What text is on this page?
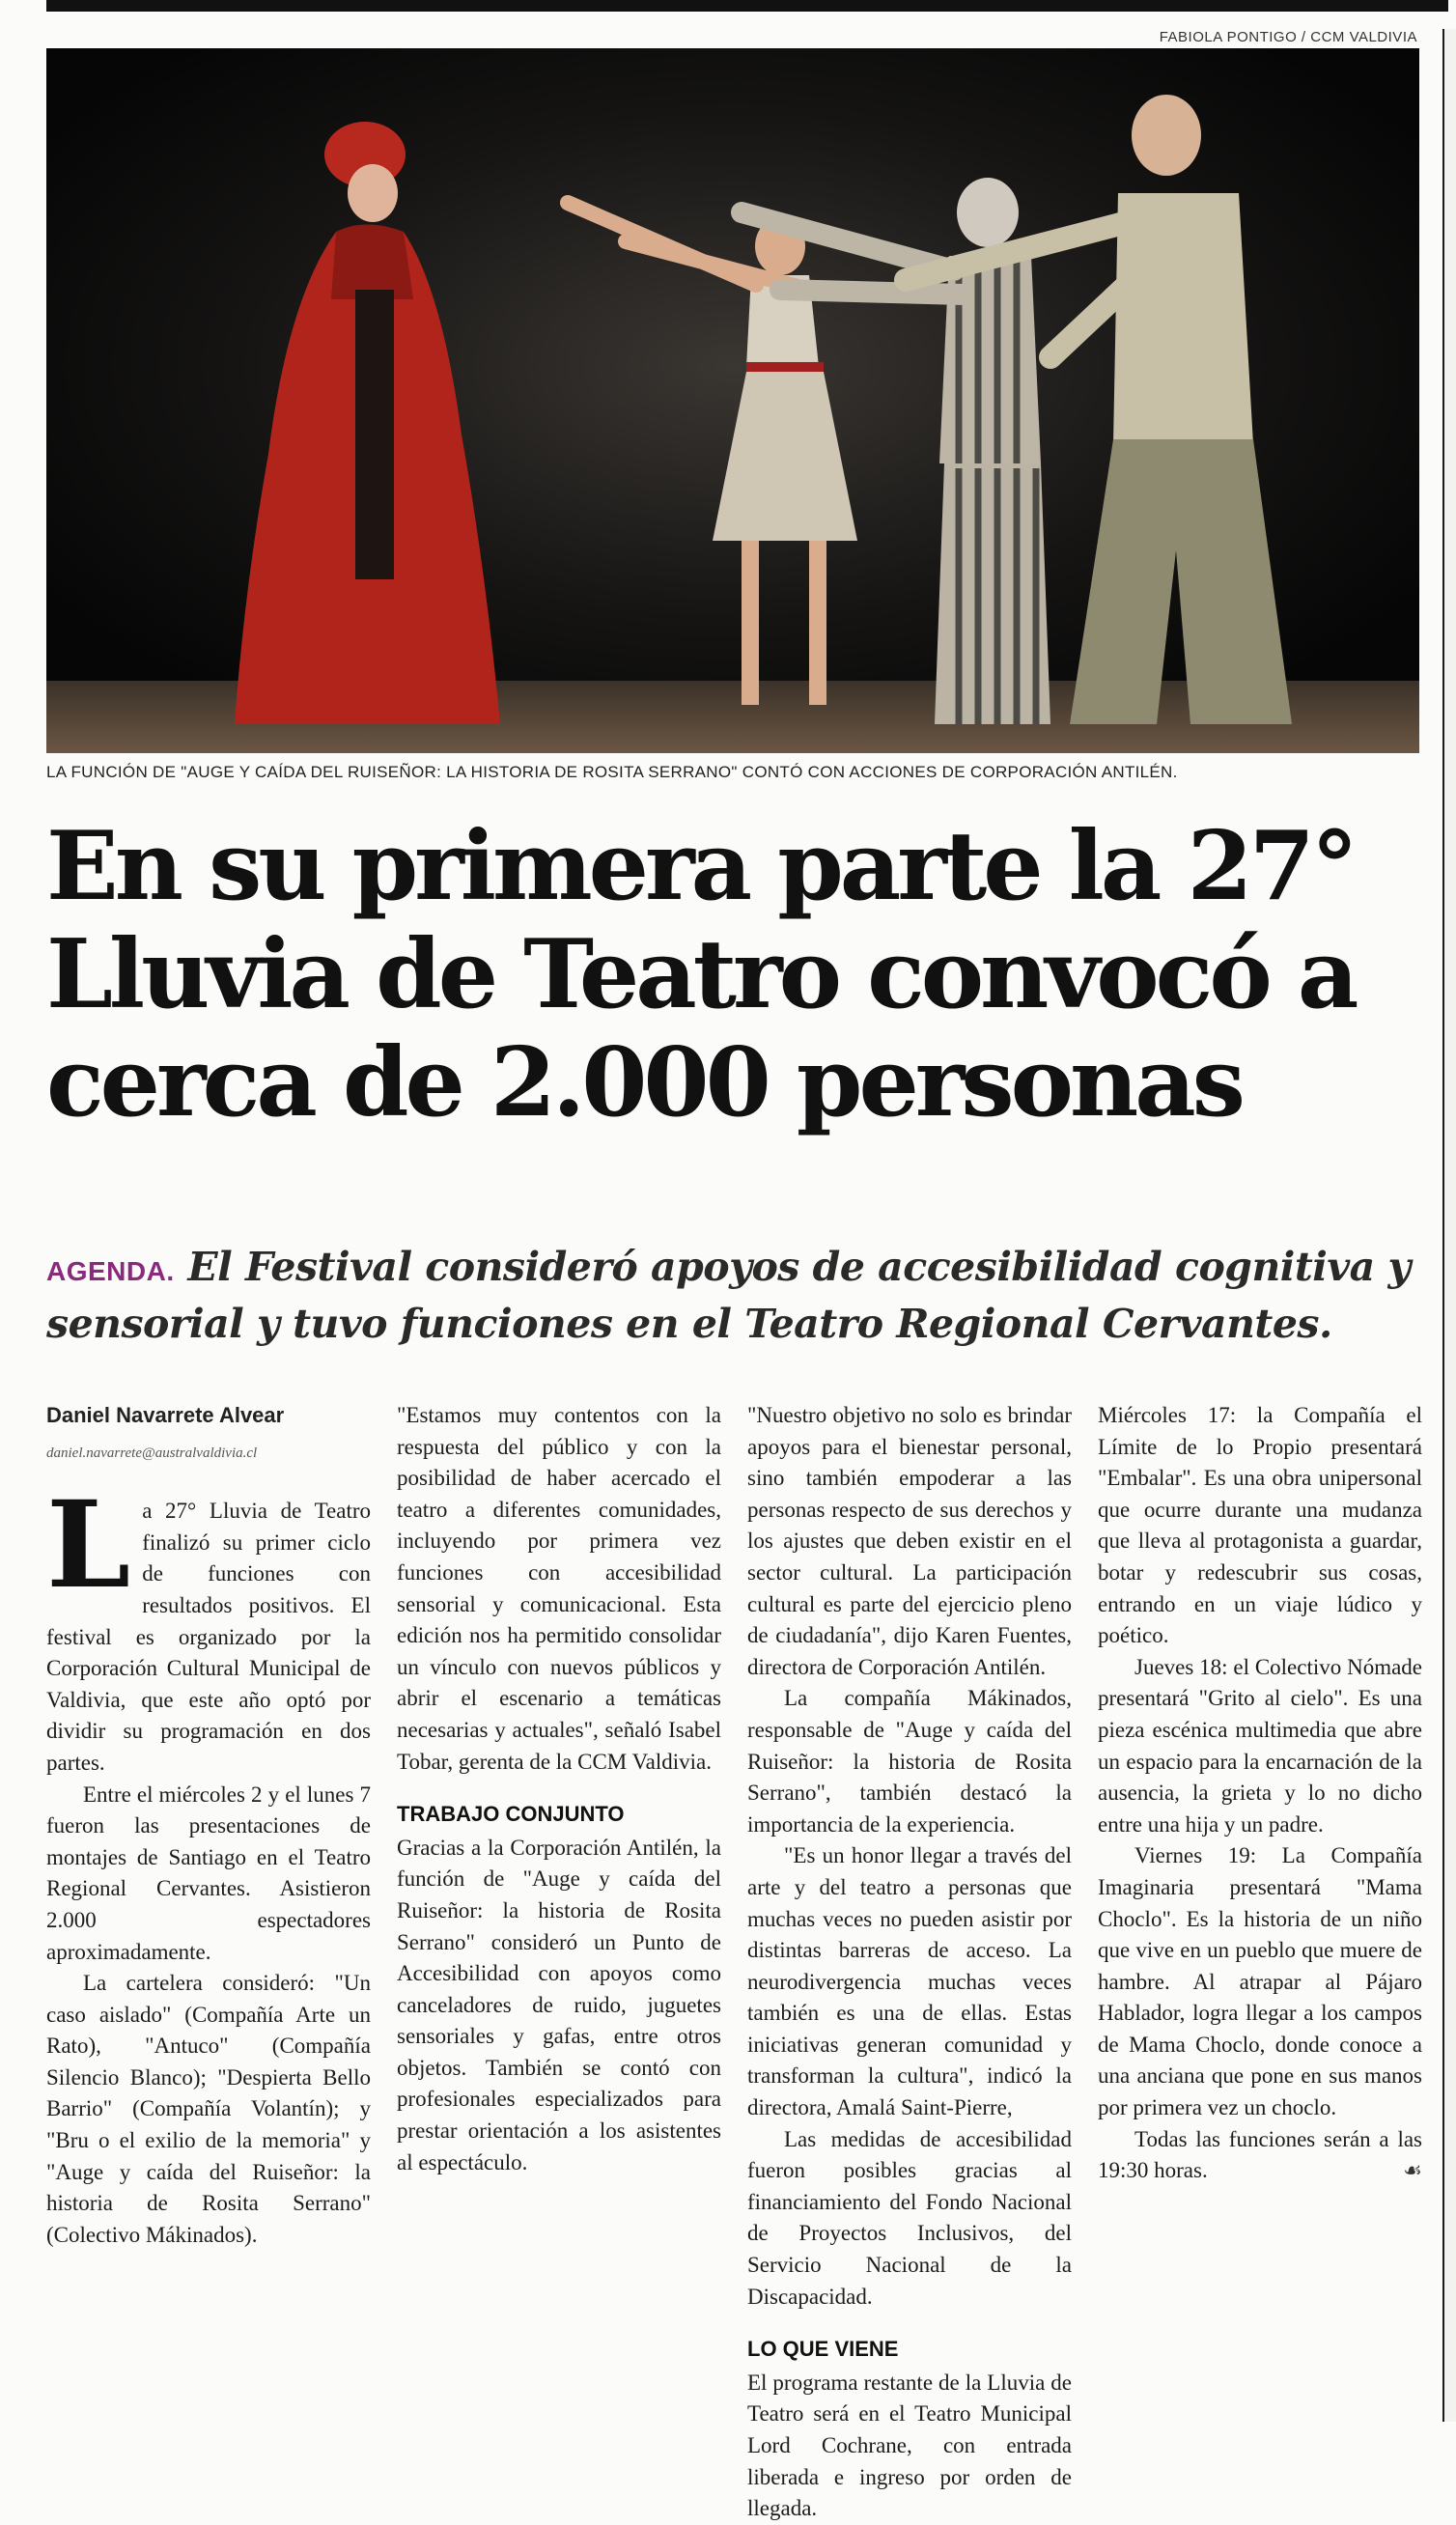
FABIOLA PONTIGO / CCM VALDIVIA
LA FUNCIÓN DE "AUGE Y CAÍDA DEL RUISEÑOR: LA HISTORIA DE ROSITA SERRANO" CONTÓ CON ACCIONES DE CORPORACIÓN ANTILÉN.
En su primera parte la 27° Lluvia de Teatro convocó a cerca de 2.000 personas
AGENDA. El Festival consideró apoyos de accesibilidad cognitiva y sensorial y tuvo funciones en el Teatro Regional Cervantes.
Daniel Navarrete Alvear
daniel.navarrete@australvaldivia.cl

La 27° Lluvia de Teatro finalizó su primer ciclo de funciones con resultados positivos. El festival es organizado por la Corporación Cultural Municipal de Valdivia, que este año optó por dividir su programación en dos partes.

Entre el miércoles 2 y el lunes 7 fueron las presentaciones de montajes de Santiago en el Teatro Regional Cervantes. Asistieron 2.000 espectadores aproximadamente.

La cartelera consideró: "Un caso aislado" (Compañía Arte un Rato), "Antuco" (Compañía Silencio Blanco); "Despierta Bello Barrio" (Compañía Volantín); y "Bru o el exilio de la memoria" y "Auge y caída del Ruiseñor: la historia de Rosita Serrano" (Colectivo Mákinados).

"Estamos muy contentos con la respuesta del público y con la posibilidad de haber acercado el teatro a diferentes comunidades, incluyendo por primera vez funciones con accesibilidad sensorial y comunicacional. Esta edición nos ha permitido consolidar un vínculo con nuevos públicos y abrir el escenario a temáticas necesarias y actuales", señaló Isabel Tobar, gerenta de la CCM Valdivia.

TRABAJO CONJUNTO

Gracias a la Corporación Antilén, la función de "Auge y caída del Ruiseñor: la historia de Rosita Serrano" consideró un Punto de Accesibilidad con apoyos como canceladores de ruido, juguetes sensoriales y gafas, entre otros objetos. También se contó con profesionales especializados para prestar orientación a los asistentes al espectáculo.

"Nuestro objetivo no solo es brindar apoyos para el bienestar personal, sino también empoderar a las personas respecto de sus derechos y los ajustes que deben existir en el sector cultural. La participación cultural es parte del ejercicio pleno de ciudadanía", dijo Karen Fuentes, directora de Corporación Antilén.

La compañía Mákinados, responsable de "Auge y caída del Ruiseñor: la historia de Rosita Serrano", también destacó la importancia de la experiencia.

"Es un honor llegar a través del arte y del teatro a personas que muchas veces no pueden asistir por distintas barreras de acceso. La neurodivergencia muchas veces también es una de ellas. Estas iniciativas generan comunidad y transforman la cultura", indicó la directora, Amalá Saint-Pierre,

Las medidas de accesibilidad fueron posibles gracias al financiamiento del Fondo Nacional de Proyectos Inclusivos, del Servicio Nacional de la Discapacidad.

LO QUE VIENE

El programa restante de la Lluvia de Teatro será en el Teatro Municipal Lord Cochrane, con entrada liberada e ingreso por orden de llegada.

Miércoles 17: la Compañía el Límite de lo Propio presentará "Embalar". Es una obra unipersonal que ocurre durante una mudanza que lleva al protagonista a guardar, botar y redescubrir sus cosas, entrando en un viaje lúdico y poético.

Jueves 18: el Colectivo Nómade presentará "Grito al cielo". Es una pieza escénica multimedia que abre un espacio para la encarnación de la ausencia, la grieta y lo no dicho entre una hija y un padre.

Viernes 19: La Compañía Imaginaria presentará "Mama Choclo". Es la historia de un niño que vive en un pueblo que muere de hambre. Al atrapar al Pájaro Hablador, logra llegar a los campos de Mama Choclo, donde conoce a una anciana que pone en sus manos por primera vez un choclo.

Todas las funciones serán a las 19:30 horas.	☙
